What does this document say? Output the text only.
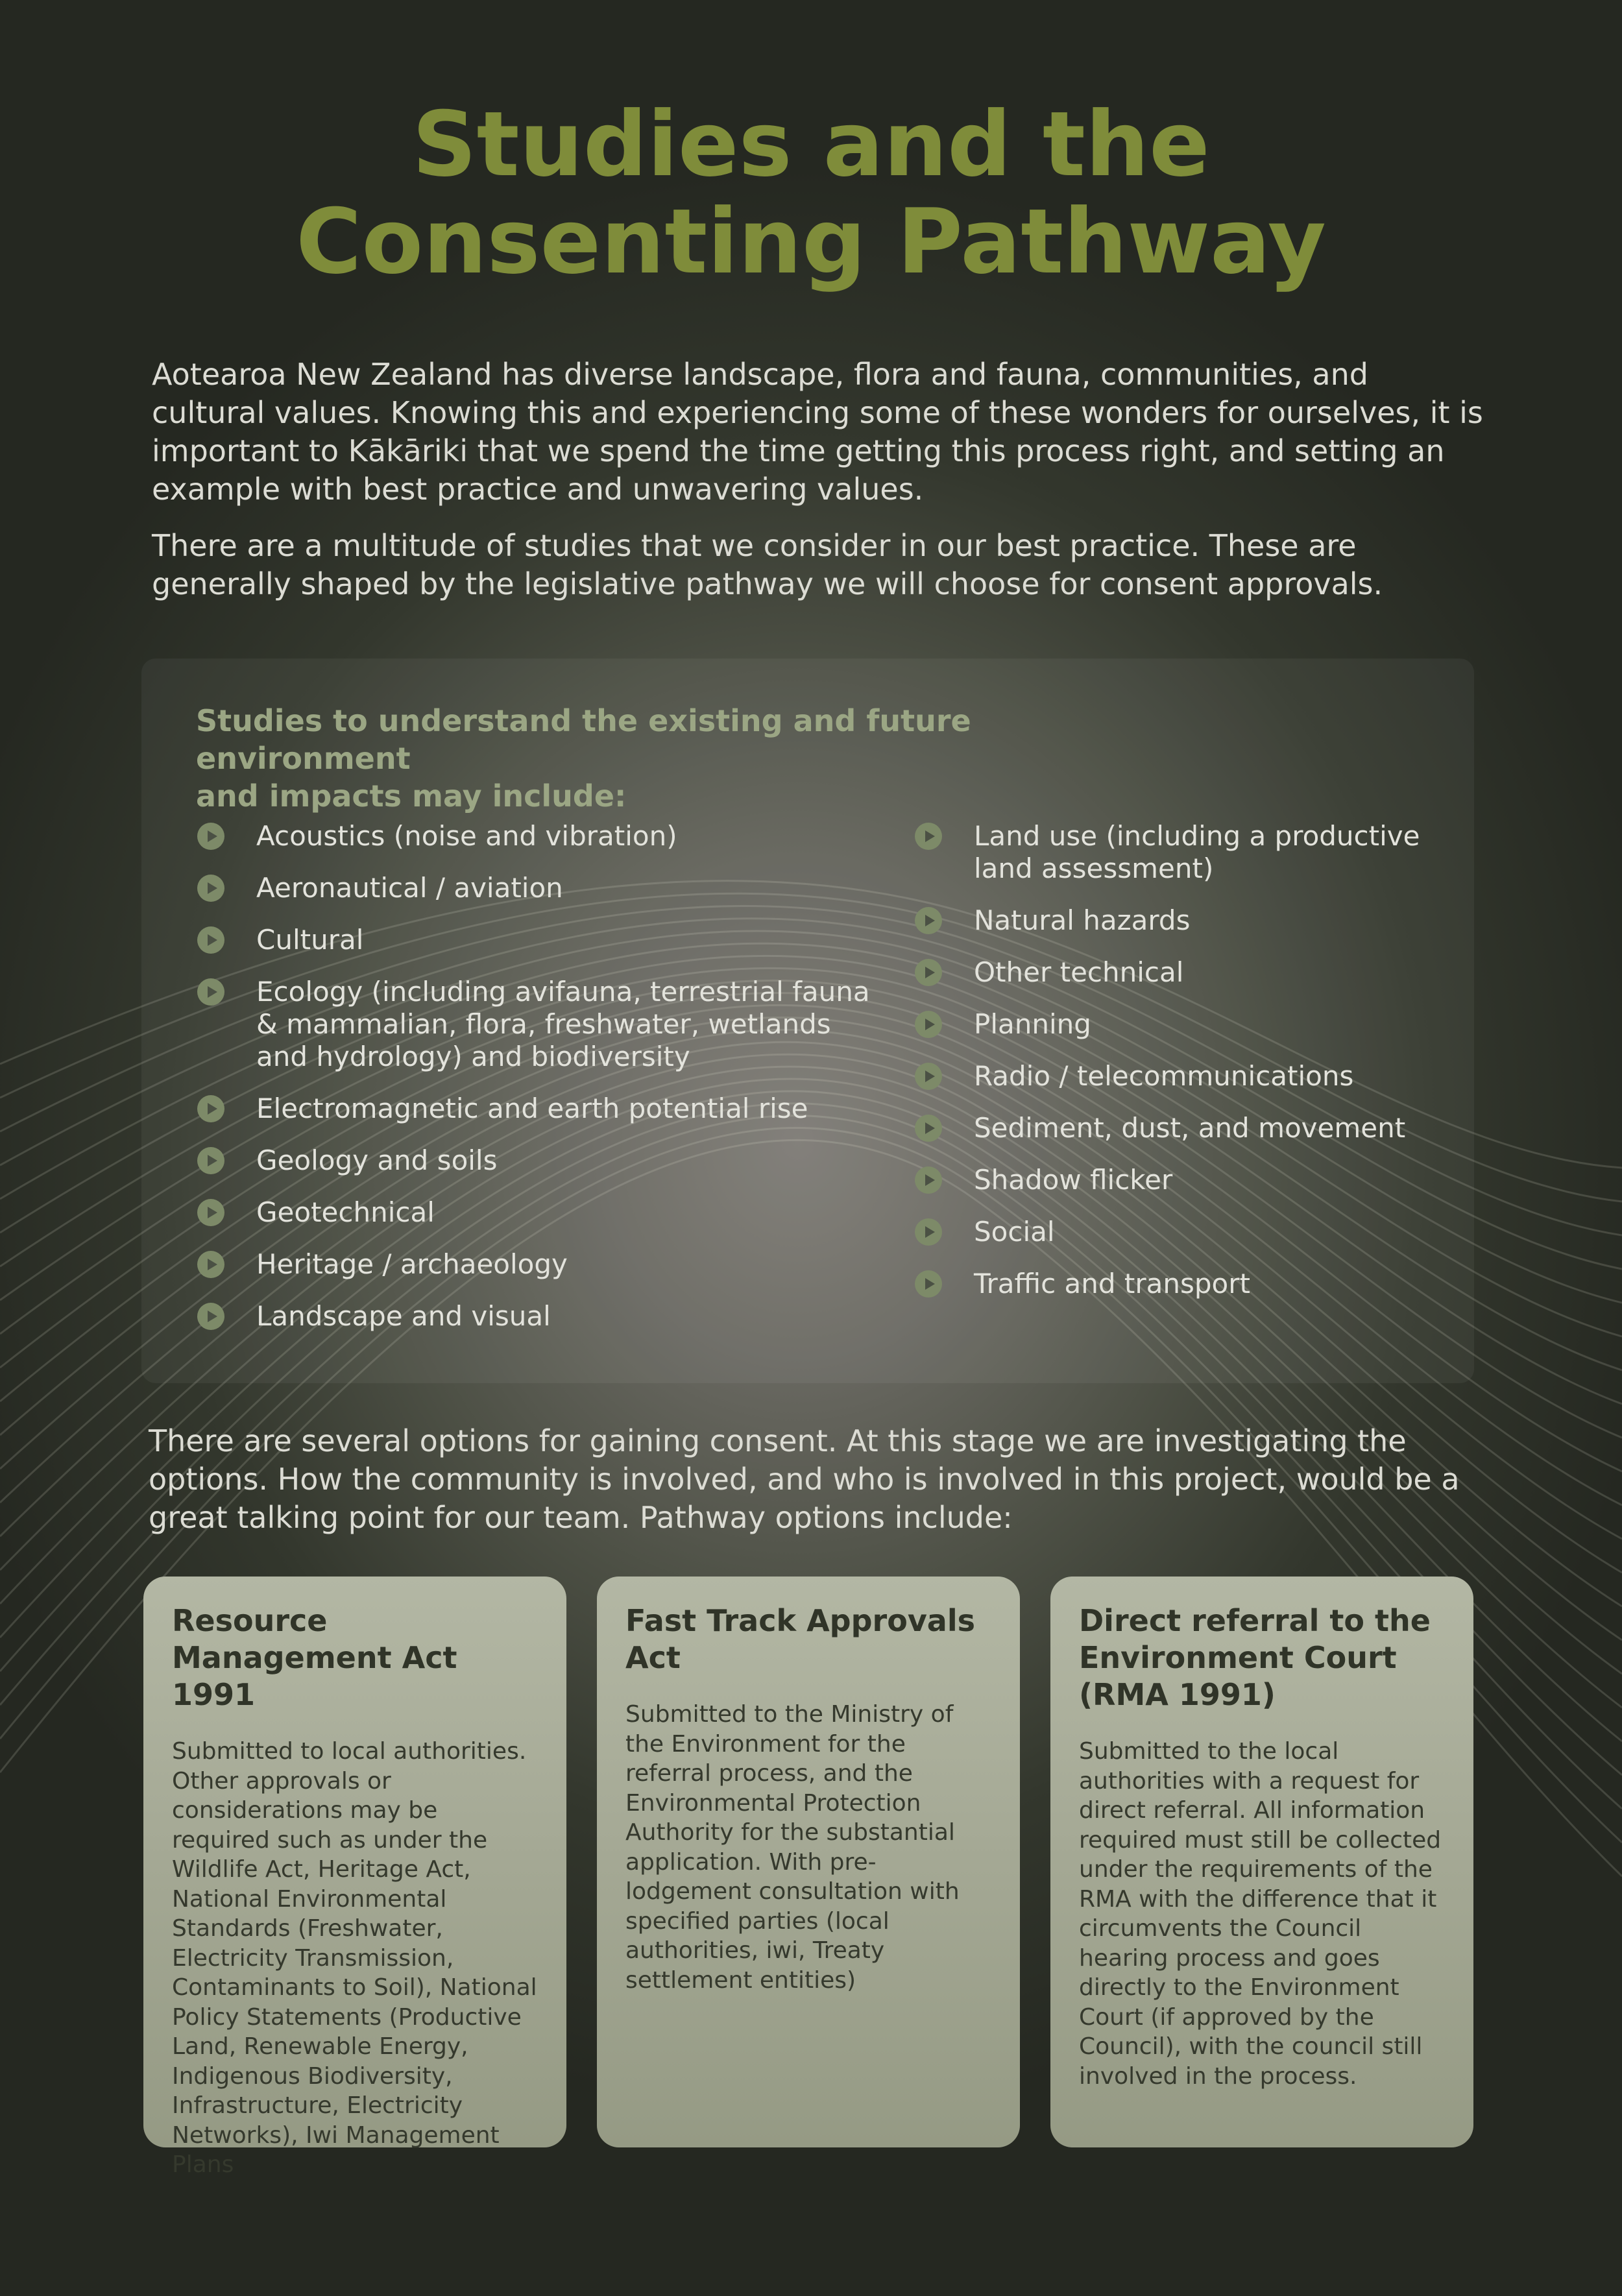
Studies and the
Consenting Pathway

Aotearoa New Zealand has diverse landscape, flora and fauna, communities, and cultural values. Knowing this and experiencing some of these wonders for ourselves, it is important to Kākāriki that we spend the time getting this process right, and setting an example with best practice and unwavering values.

There are a multitude of studies that we consider in our best practice. These are generally shaped by the legislative pathway we will choose for consent approvals.

Studies to understand the existing and future environment
and impacts may include:
Acoustics (noise and vibration)
Aeronautical / aviation
Cultural
Ecology (including avifauna, terrestrial fauna & mammalian, flora, freshwater, wetlands and hydrology) and biodiversity
Electromagnetic and earth potential rise
Geology and soils
Geotechnical
Heritage / archaeology
Landscape and visual
Land use (including a productive land assessment)
Natural hazards
Other technical
Planning
Radio / telecommunications
Sediment, dust, and movement
Shadow flicker
Social
Traffic and transport

There are several options for gaining consent. At this stage we are investigating the options. How the community is involved, and who is involved in this project, would be a great talking point for our team. Pathway options include:

Resource Management Act 1991

Submitted to local authorities. Other approvals or considerations may be required such as under the Wildlife Act, Heritage Act, National Environmental Standards (Freshwater, Electricity Transmission, Contaminants to Soil), National Policy Statements (Productive Land, Renewable Energy, Indigenous Biodiversity, Infrastructure, Electricity Networks), Iwi Management Plans

Fast Track Approvals Act

Submitted to the Ministry of the Environment for the referral process, and the Environmental Protection Authority for the substantial application. With pre-lodgement consultation with specified parties (local authorities, iwi, Treaty settlement entities)

Direct referral to the Environment Court (RMA 1991)

Submitted to the local authorities with a request for direct referral. All information required must still be collected under the requirements of the RMA with the difference that it circumvents the Council hearing process and goes directly to the Environment Court (if approved by the Council), with the council still involved in the process.
